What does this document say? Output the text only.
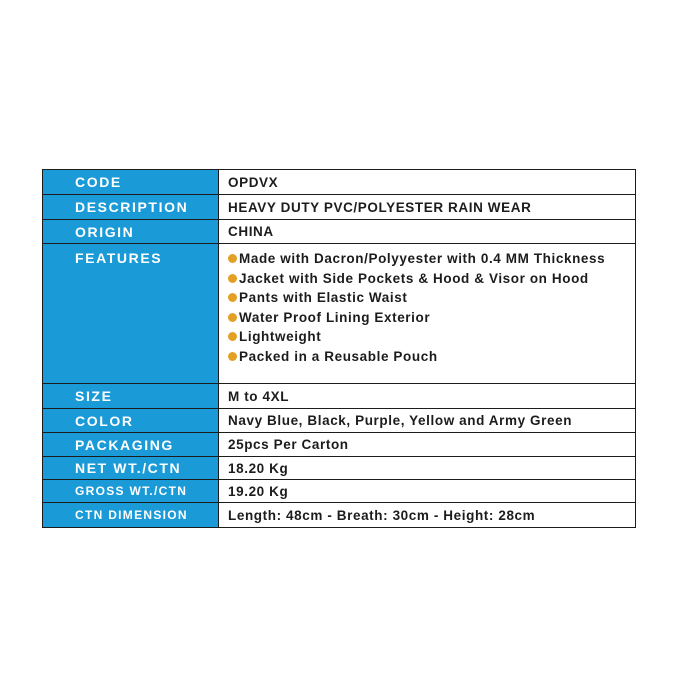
CODE	OPDVX
DESCRIPTION	HEAVY DUTY PVC/POLYESTER RAIN WEAR
ORIGIN	CHINA
FEATURES	Made with Dacron/Polyyester with 0.4 MM Thickness
Jacket with Side Pockets & Hood & Visor on Hood
Pants with Elastic Waist
Water Proof Lining Exterior
Lightweight
Packed in a Reusable Pouch
SIZE	M to 4XL
COLOR	Navy Blue, Black, Purple, Yellow and Army Green
PACKAGING	25pcs Per Carton
NET WT./CTN	18.20 Kg
GROSS WT./CTN	19.20 Kg
CTN DIMENSION	Length: 48cm - Breath: 30cm - Height: 28cm
